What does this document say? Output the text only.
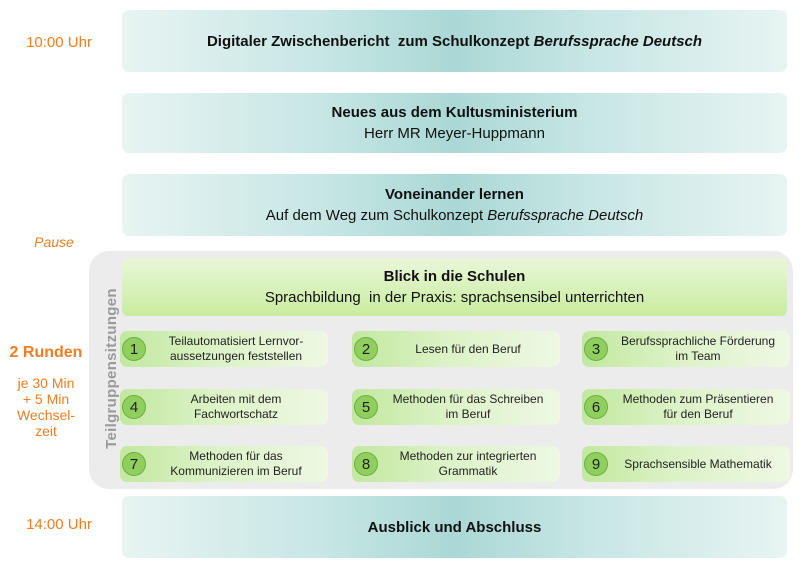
10:00 Uhr
Pause
2 Runden
je 30 Min
+ 5 Min
Wechsel-
zeit
14:00 Uhr
Digitaler Zwischenbericht  zum Schulkonzept Berufssprache Deutsch
Neues aus dem Kultusministerium
Herr MR Meyer-Huppmann
Voneinander lernen
Auf dem Weg zum Schulkonzept Berufssprache Deutsch
Teilgruppensitzungen
Blick in die Schulen
Sprachbildung  in der Praxis: sprachsensibel unterrichten
1	Teilautomatisiert Lernvor-
aussetzungen feststellen	2	Lesen für den Beruf	3	Berufssprachliche Förderung
im Team
4	Arbeiten mit dem
Fachwortschatz	5	Methoden für das Schreiben
im Beruf	6	Methoden zum Präsentieren
für den Beruf
7	Methoden für das
Kommunizieren im Beruf	8	Methoden zur integrierten
Grammatik	9	Sprachsensible Mathematik
Ausblick und Abschluss
